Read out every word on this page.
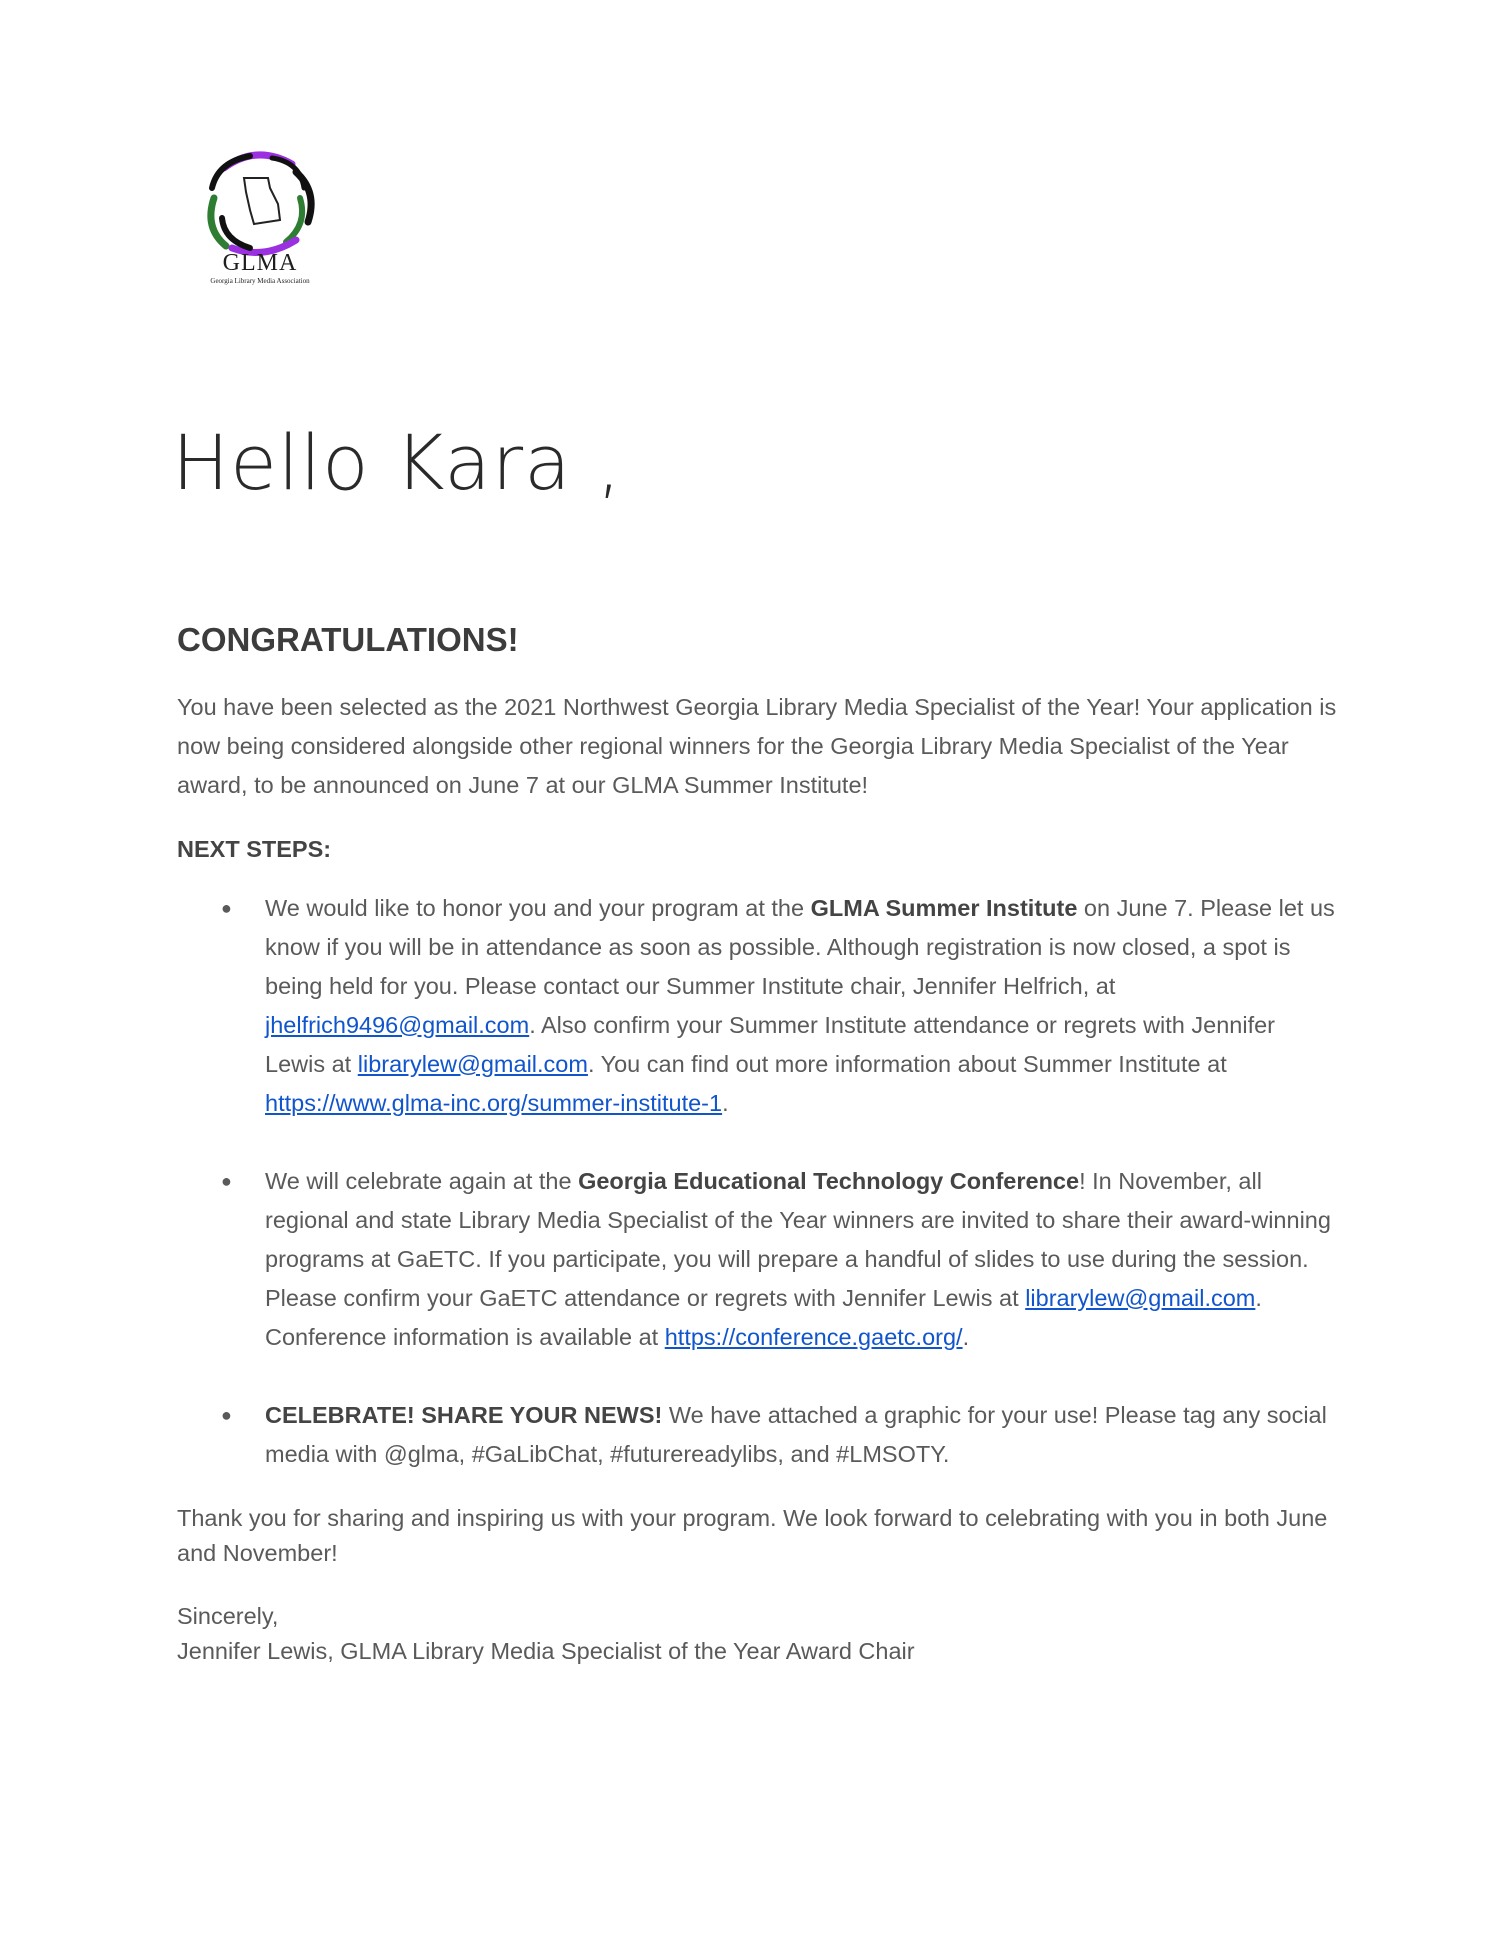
GLMA
Georgia Library Media Association
Hello Kara ,
CONGRATULATIONS!

You have been selected as the 2021 Northwest Georgia Library Media Specialist of the Year! Your application is now being considered alongside other regional winners for the Georgia Library Media Specialist of the Year award, to be announced on June 7 at our GLMA Summer Institute!

NEXT STEPS:

● We would like to honor you and your program at the GLMA Summer Institute on June 7. Please let us know if you will be in attendance as soon as possible. Although registration is now closed, a spot is being held for you. Please contact our Summer Institute chair, Jennifer Helfrich, at jhelfrich9496@gmail.com. Also confirm your Summer Institute attendance or regrets with Jennifer Lewis at librarylew@gmail.com. You can find out more information about Summer Institute at https://www.glma-inc.org/summer-institute-1.
● We will celebrate again at the Georgia Educational Technology Conference! In November, all regional and state Library Media Specialist of the Year winners are invited to share their award-winning programs at GaETC. If you participate, you will prepare a handful of slides to use during the session. Please confirm your GaETC attendance or regrets with Jennifer Lewis at librarylew@gmail.com. Conference information is available at https://conference.gaetc.org/.
● CELEBRATE! SHARE YOUR NEWS! We have attached a graphic for your use! Please tag any social media with @glma, #GaLibChat, #futurereadylibs, and #LMSOTY.

Thank you for sharing and inspiring us with your program. We look forward to celebrating with you in both June and November!

Sincerely,

Jennifer Lewis, GLMA Library Media Specialist of the Year Award Chair
